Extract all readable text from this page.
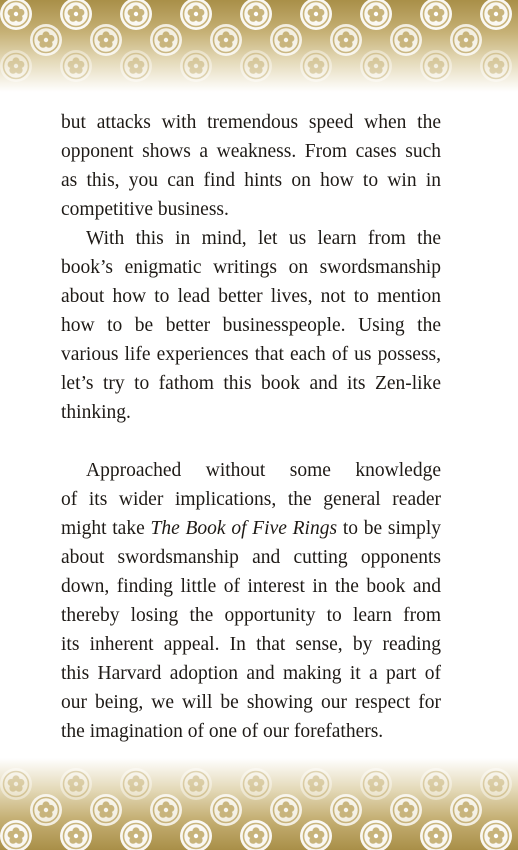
but attacks with tremendous speed when the
opponent shows a weakness. From cases such
as this, you can find hints on how to win in
competitive business.

With this in mind, let us learn from the
book’s enigmatic writings on swordsmanship
about how to lead better lives, not to mention
how to be better businesspeople. Using the
various life experiences that each of us possess,
let’s try to fathom this book and its Zen-like
thinking.

Approached without some knowledge
of its wider implications, the general reader
might take The Book of Five Rings to be simply
about swordsmanship and cutting opponents
down, finding little of interest in the book and
thereby losing the opportunity to learn from
its inherent appeal. In that sense, by reading
this Harvard adoption and making it a part of
our being, we will be showing our respect for
the imagination of one of our forefathers.
